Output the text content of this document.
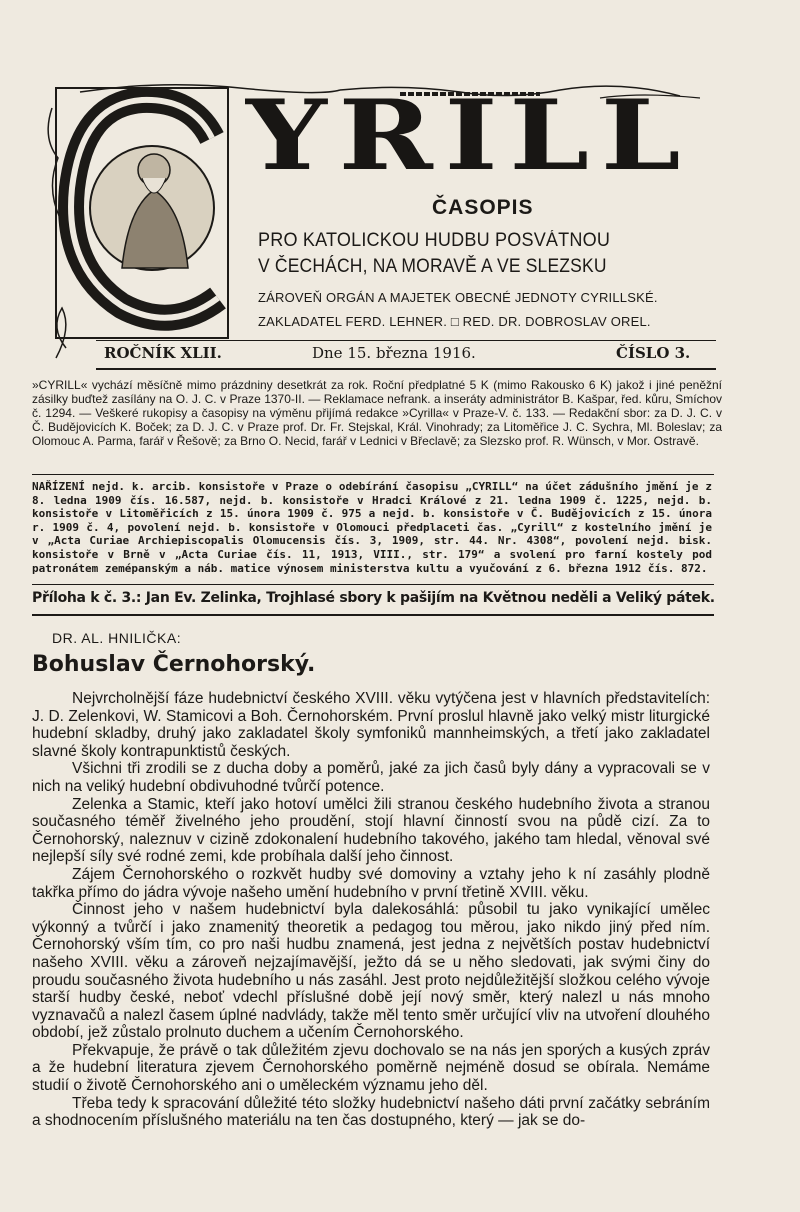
YRILL
ČASOPIS
PRO KATOLICKOU HUDBU POSVÁTNOU
V ČECHÁCH, NA MORAVĚ A VE SLEZSKU
ZÁROVEŇ ORGÁN A MAJETEK OBECNÉ JEDNOTY CYRILLSKÉ.
ZAKLADATEL FERD. LEHNER. □ RED. DR. DOBROSLAV OREL.
ROČNÍK XLII.	Dne 15. března 1916.	ČÍSLO 3.

»CYRILL« vychází měsíčně mimo prázdniny desetkrát za rok. Roční předplatné 5 K (mimo Rakousko 6 K) jakož i jiné peněžní zásilky buďtež zasílány na O. J. C. v Praze 1370-II. — Reklamace nefrank. a inseráty administrátor B. Kašpar, řed. kůru, Smíchov č. 1294. — Veškeré rukopisy a časopisy na výměnu přijímá redakce »Cyrilla« v Praze-V. č. 133. — Redakční sbor: za D. J. C. v Č. Budějovicích K. Boček; za D. J. C. v Praze prof. Dr. Fr. Stejskal, Král. Vinohrady; za Litoměřice J. C. Sychra, Ml. Boleslav; za Olomouc A. Parma, farář v Řešově; za Brno O. Necid, farář v Lednici v Břeclavě; za Slezsko prof. R. Wünsch, v Mor. Ostravě.

NAŘÍZENÍ nejd. k. arcib. konsistoře v Praze o odebírání časopisu „CYRILL“ na účet zádušního jmění je z 8. ledna 1909 čís. 16.587, nejd. b. konsistoře v Hradci Králové z 21. ledna 1909 č. 1225, nejd. b. konsistoře v Litoměřicích z 15. února 1909 č. 975 a nejd. b. konsistoře v Č. Budějovicích z 15. února r. 1909 č. 4, povolení nejd. b. konsistoře v Olomouci předplaceti čas. „Cyrill“ z kostelního jmění je v „Acta Curiae Archiepiscopalis Olomucensis čís. 3, 1909, str. 44. Nr. 4308“, povolení nejd. bisk. konsistoře v Brně v „Acta Curiae čís. 11, 1913, VIII., str. 179“ a svolení pro farní kostely pod patronátem zemépanským a náb. matice výnosem ministerstva kultu a vyučování z 6. března 1912 čís. 872.

Příloha k č. 3.: Jan Ev. Zelinka, Trojhlasé sbory k pašijím na Květnou neděli a Veliký pátek.
DR. AL. HNILIČKA:
Bohuslav Černohorský.

Nejvrcholnější fáze hudebnictví českého XVIII. věku vytýčena jest v hlavních představitelích: J. D. Zelenkovi, W. Stamicovi a Boh. Černohorském. První proslul hlavně jako velký mistr liturgické hudební skladby, druhý jako zakladatel školy symfoniků mannheimských, a třetí jako zakladatel slavné školy kontrapunktistů českých.

Všichni tři zrodili se z ducha doby a poměrů, jaké za jich časů byly dány a vypracovali se v nich na veliký hudební obdivuhodné tvůrčí potence.

Zelenka a Stamic, kteří jako hotoví umělci žili stranou českého hudebního života a stranou současného téměř živelného jeho proudění, stojí hlavní činností svou na půdě cizí. Za to Černohorský, naleznuv v cizině zdokonalení hudebního takového, jakého tam hledal, věnoval své nejlepší síly své rodné zemi, kde probíhala další jeho činnost.

Zájem Černohorského o rozkvět hudby své domoviny a vztahy jeho k ní zasáhly plodně takřka přímo do jádra vývoje našeho umění hudebního v první třetině XVIII. věku.

Činnost jeho v našem hudebnictví byla dalekosáhlá: působil tu jako vynikající umělec výkonný a tvůrčí i jako znamenitý theoretik a pedagog tou měrou, jako nikdo jiný před ním. Černohorský vším tím, co pro naši hudbu znamená, jest jedna z největších postav hudebnictví našeho XVIII. věku a zároveň nejzajímavější, ježto dá se u něho sledovati, jak svými činy do proudu současného života hudebního u nás zasáhl. Jest proto nejdůležitější složkou celého vývoje starší hudby české, neboť vdechl příslušné době její nový směr, který nalezl u nás mnoho vyznavačů a nalezl časem úplné nadvlády, takže měl tento směr určující vliv na utvoření dlouhého období, jež zůstalo prolnuto duchem a učením Černohorského.

Překvapuje, že právě o tak důležitém zjevu dochovalo se na nás jen sporých a kusých zpráv a že hudební literatura zjevem Černohorského poměrně nejméně dosud se obírala. Nemáme studií o životě Černohorského ani o uměleckém významu jeho děl.

Třeba tedy k spracování důležité této složky hudebnictví našeho dáti první začátky sebráním a shodnocením příslušného materiálu na ten čas dostupného, který — jak se do-
